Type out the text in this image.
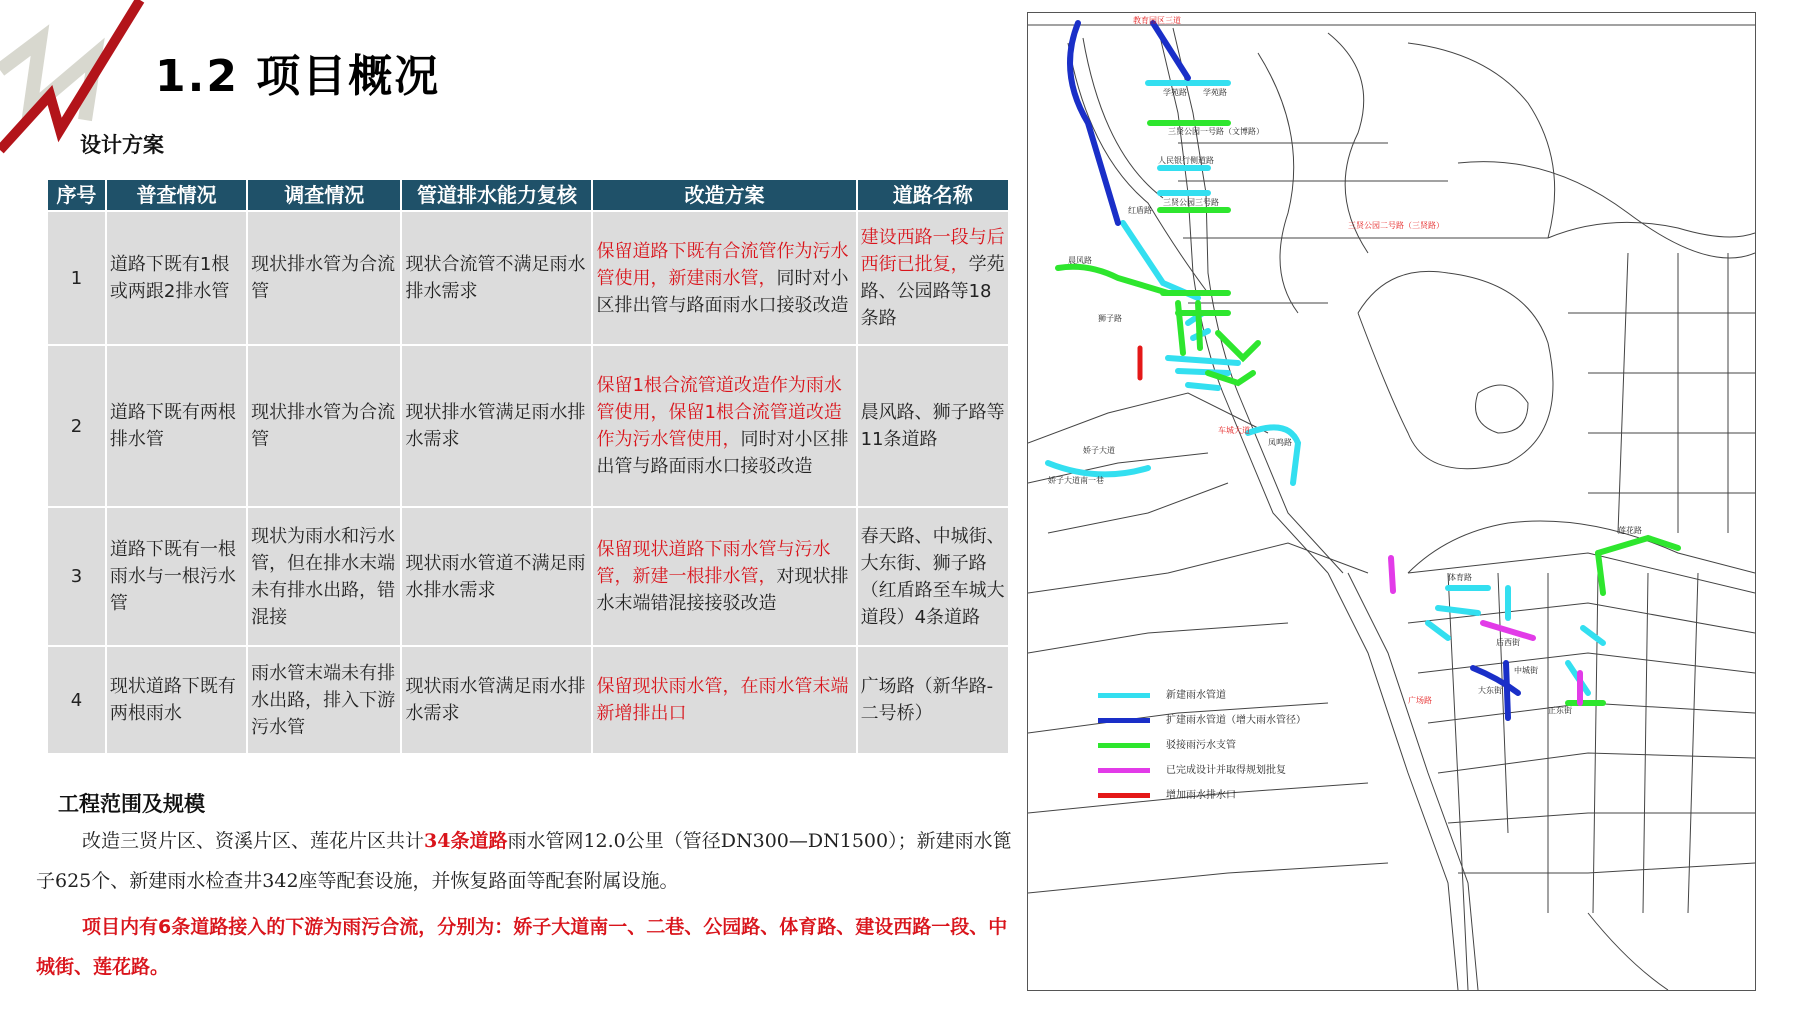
1.2 项目概况
设计方案
序号	普查情况	调查情况	管道排水能力复核	改造方案	道路名称
1	道路下既有1根或两跟2排水管	现状排水管为合流管	现状合流管不满足雨水排水需求	保留道路下既有合流管作为污水管使用，新建雨水管，同时对小区排出管与路面雨水口接驳改造	建设西路一段与后西街已批复，学苑路、公园路等18条路
2	道路下既有两根排水管	现状排水管为合流管	现状排水管满足雨水排水需求	保留1根合流管道改造作为雨水管使用，保留1根合流管道改造作为污水管使用，同时对小区排出管与路面雨水口接驳改造	晨风路、狮子路等11条道路
3	道路下既有一根雨水与一根污水管	现状为雨水和污水管，但在排水末端未有排水出路，错混接	现状雨水管道不满足雨水排水需求	保留现状道路下雨水管与污水管，新建一根排水管，对现状排水末端错混接接驳改造	春天路、中城街、大东街、狮子路（红盾路至车城大道段）4条道路
4	现状道路下既有两根雨水	雨水管末端未有排水出路，排入下游污水管	现状雨水管满足雨水排水需求	保留现状雨水管，在雨水管末端新增排出口	广场路（新华路-二号桥）
工程范围及规模
改造三贤片区、资溪片区、莲花片区共计34条道路雨水管网12.0公里（管径DN300—DN1500）；新建雨水篦子625个、新建雨水检查井342座等配套设施，并恢复路面等配套附属设施。
项目内有6条道路接入的下游为雨污合流，分别为：娇子大道南一、二巷、公园路、体育路、建设西路一段、中城街、莲花路。
学苑路 学苑路
三贤公园一号路（文博路）
人民银行侧道路
三贤公园三号路
红盾路
晨风路
狮子路
凤鸣路
娇子大道
娇子大道南一巷
体育路
后西街
莲花路
正东街
大东街
中城街
教育园区三道
三贤公园二号路（三贤路）
广场路
车城大道
新建雨水管道
扩建雨水管道（增大雨水管径）
驳接雨污水支管
已完成设计并取得规划批复
增加雨水排水口
